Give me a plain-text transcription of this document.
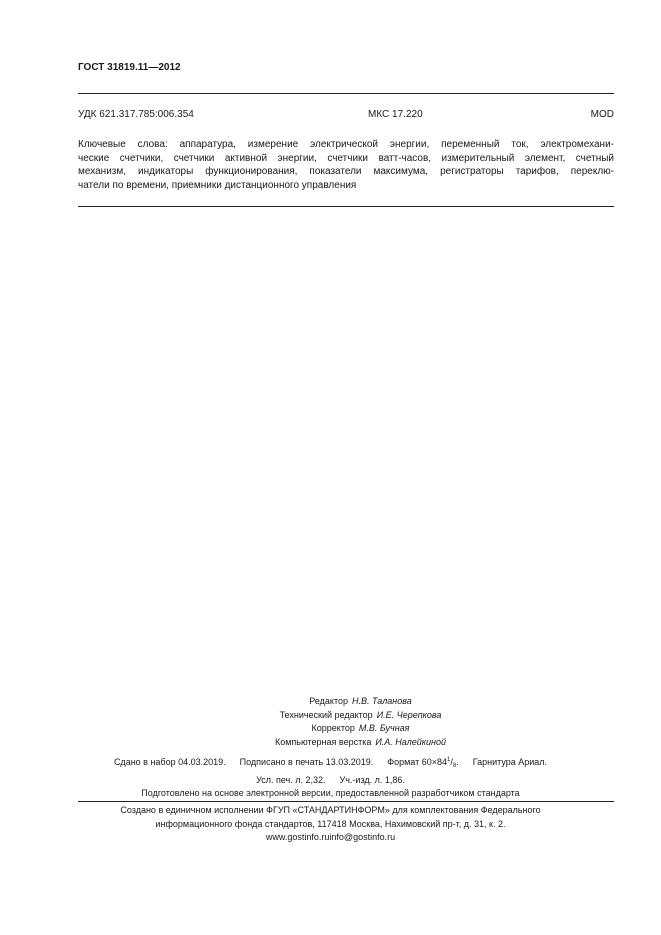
ГОСТ 31819.11—2012
УДК 621.317.785:006.354	МКС 17.220	MOD
Ключевые слова: аппаратура, измерение электрической энергии, переменный ток, электромехани-
ческие счетчики, счетчики активной энергии, счетчики ватт-часов, измерительный элемент, счетный
механизм, индикаторы функционирования, показатели максимума, регистраторы тарифов, переклю-
чатели по времени, приемники дистанционного управления
Редактор Н.В. Таланова
Технический редактор И.Е. Черепкова
Корректор М.В. Бучная
Компьютерная верстка И.А. Налейкиной
Сдано в набор 04.03.2019. Подписано в печать 13.03.2019. Формат $60\times 84^1/_8$. Гарнитура Ариал.
Усл. печ. л. 2,32. Уч.-изд. л. 1,86.
Подготовлено на основе электронной версии, предоставленной разработчиком стандарта
Создано в единичном исполнении ФГУП «СТАНДАРТИНФОРМ» для комплектования Федерального
информационного фонда стандартов, 117418 Москва, Нахимовский пр-т, д. 31, к. 2.
www.gostinfo.ruinfo@gostinfo.ru
